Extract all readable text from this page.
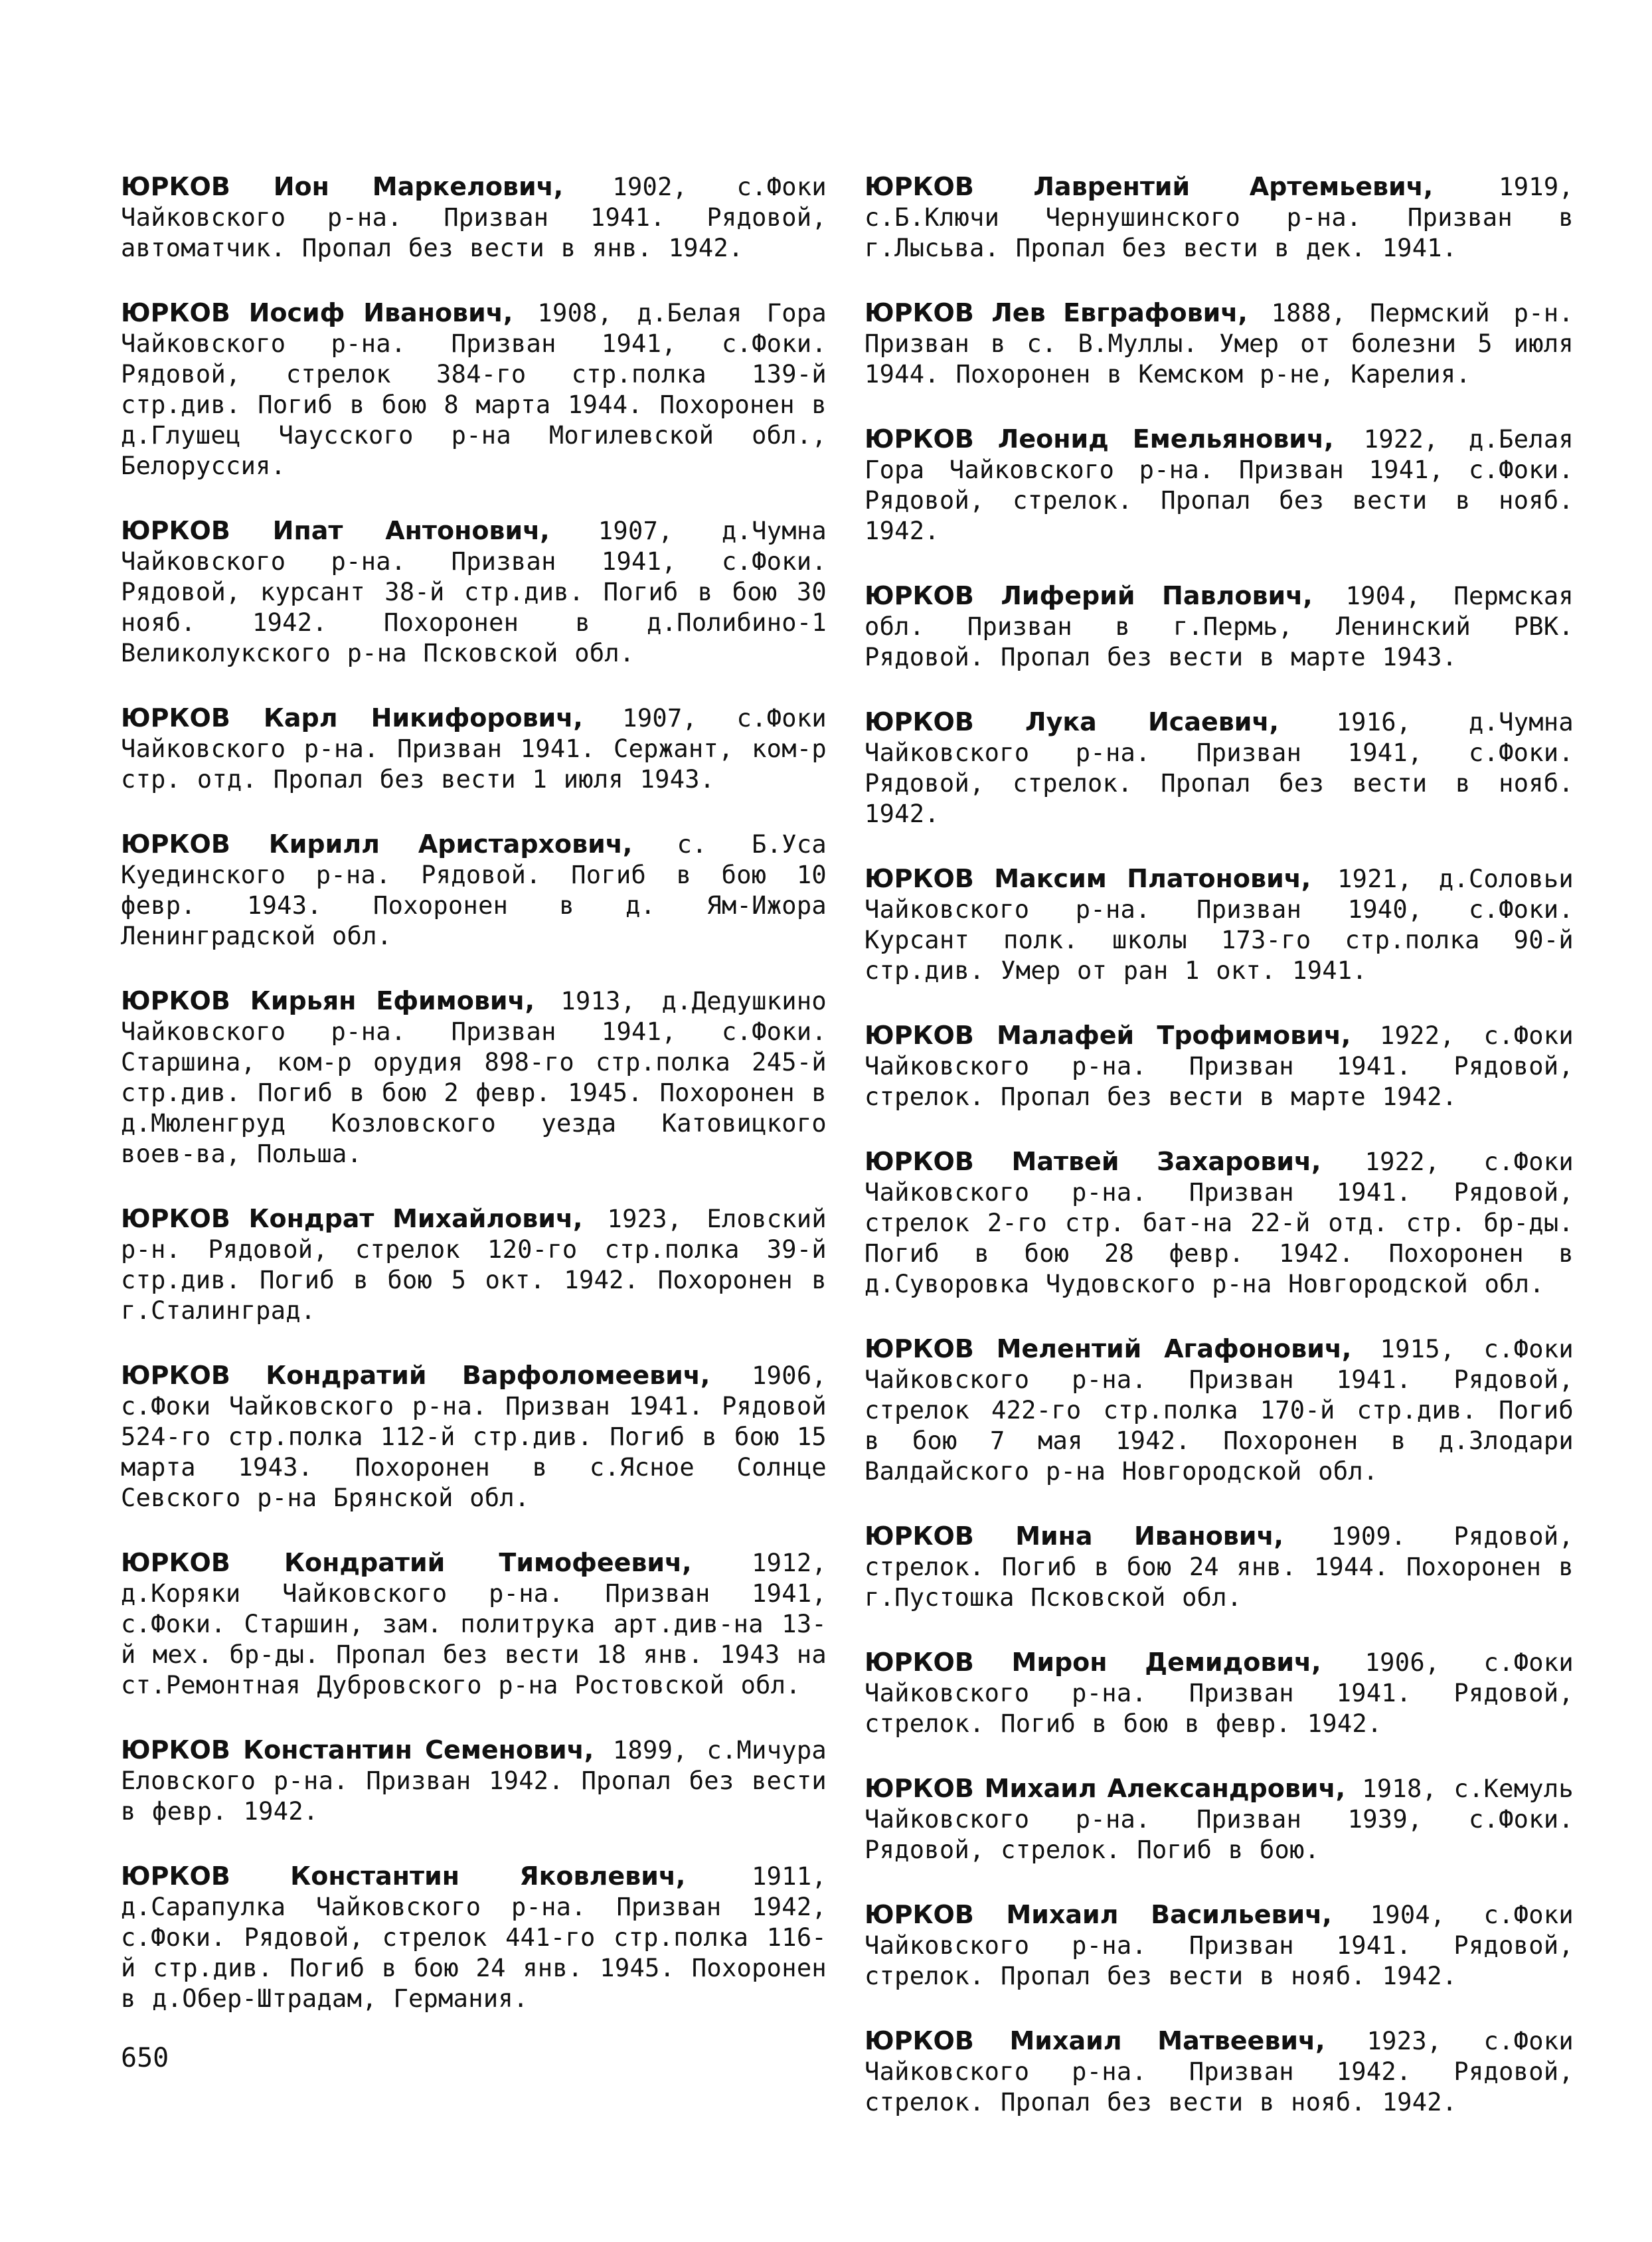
ЮРКОВ Ион Маркелович, 1902, с.Фоки Чайковского р-на. Призван 1941. Рядовой, автоматчик. Пропал без вести в янв. 1942.

ЮРКОВ Иосиф Иванович, 1908, д.Белая Гора Чайковского р-на. Призван 1941, с.Фоки. Рядовой, стрелок 384-го стр.полка 139-й стр.див. Погиб в бою 8 марта 1944. Похоронен в д.Глушец Чаусского р-на Могилевской обл., Белоруссия.

ЮРКОВ Ипат Антонович, 1907, д.Чумна Чайковского р-на. Призван 1941, с.Фоки. Рядовой, курсант 38-й стр.див. Погиб в бою 30 нояб. 1942. Похоронен в д.Полибино-1 Великолукского р-на Псковской обл.

ЮРКОВ Карл Никифорович, 1907, с.Фоки Чайковского р-на. Призван 1941. Сержант, ком-р стр. отд. Пропал без вести 1 июля 1943.

ЮРКОВ Кирилл Аристархович, с. Б.Уса Куединского р-на. Рядовой. Погиб в бою 10 февр. 1943. Похоронен в д. Ям-Ижора Ленинградской обл.

ЮРКОВ Кирьян Ефимович, 1913, д.Дедушкино Чайковского р-на. Призван 1941, с.Фоки. Старшина, ком-р орудия 898-го стр.полка 245-й стр.див. Погиб в бою 2 февр. 1945. Похоронен в д.Мюленгруд Козловского уезда Катовицкого воев-ва, Польша.

ЮРКОВ Кондрат Михайлович, 1923, Еловский р-н. Рядовой, стрелок 120-го стр.полка 39-й стр.див. Погиб в бою 5 окт. 1942. Похоронен в г.Сталинград.

ЮРКОВ Кондратий Варфоломеевич, 1906, с.Фоки Чайковского р-на. Призван 1941. Рядовой 524-го стр.полка 112-й стр.див. Погиб в бою 15 марта 1943. Похоронен в с.Ясное Солнце Севского р-на Брянской обл.

ЮРКОВ Кондратий Тимофеевич, 1912, д.Коряки Чайковского р-на. Призван 1941, с.Фоки. Старшин, зам. политрука арт.див-на 13-й мех. бр-ды. Пропал без вести 18 янв. 1943 на ст.Ремонтная Дубровского р-на Ростовской обл.

ЮРКОВ Константин Семенович, 1899, с.Мичура Еловского р-на. Призван 1942. Пропал без вести в февр. 1942.

ЮРКОВ Константин Яковлевич, 1911, д.Сарапулка Чайковского р-на. Призван 1942, с.Фоки. Рядовой, стрелок 441-го стр.полка 116-й стр.див. Погиб в бою 24 янв. 1945. Похоронен в д.Обер-Штрадам, Германия.

ЮРКОВ Лаврентий Артемьевич, 1919, с.Б.Ключи Чернушинского р-на. Призван в г.Лысьва. Пропал без вести в дек. 1941.

ЮРКОВ Лев Евграфович, 1888, Пермский р-н. Призван в с. В.Муллы. Умер от болезни 5 июля 1944. Похоронен в Кемском р-не, Карелия.

ЮРКОВ Леонид Емельянович, 1922, д.Белая Гора Чайковского р-на. Призван 1941, с.Фоки. Рядовой, стрелок. Пропал без вести в нояб. 1942.

ЮРКОВ Лиферий Павлович, 1904, Пермская обл. Призван в г.Пермь, Ленинский РВК. Рядовой. Пропал без вести в марте 1943.

ЮРКОВ Лука Исаевич, 1916, д.Чумна Чайковского р-на. Призван 1941, с.Фоки. Рядовой, стрелок. Пропал без вести в нояб. 1942.

ЮРКОВ Максим Платонович, 1921, д.Соловьи Чайковского р-на. Призван 1940, с.Фоки. Курсант полк. школы 173-го стр.полка 90-й стр.див. Умер от ран 1 окт. 1941.

ЮРКОВ Малафей Трофимович, 1922, с.Фоки Чайковского р-на. Призван 1941. Рядовой, стрелок. Пропал без вести в марте 1942.

ЮРКОВ Матвей Захарович, 1922, с.Фоки Чайковского р-на. Призван 1941. Рядовой, стрелок 2-го стр. бат-на 22-й отд. стр. бр-ды. Погиб в бою 28 февр. 1942. Похоронен в д.Суворовка Чудовского р-на Новгородской обл.

ЮРКОВ Мелентий Агафонович, 1915, с.Фоки Чайковского р-на. Призван 1941. Рядовой, стрелок 422-го стр.полка 170-й стр.див. Погиб в бою 7 мая 1942. Похоронен в д.Злодари Валдайского р-на Новгородской обл.

ЮРКОВ Мина Иванович, 1909. Рядовой, стрелок. Погиб в бою 24 янв. 1944. Похоронен в г.Пустошка Псковской обл.

ЮРКОВ Мирон Демидович, 1906, с.Фоки Чайковского р-на. Призван 1941. Рядовой, стрелок. Погиб в бою в февр. 1942.

ЮРКОВ Михаил Александрович, 1918, с.Кемуль Чайковского р-на. Призван 1939, с.Фоки. Рядовой, стрелок. Погиб в бою.

ЮРКОВ Михаил Васильевич, 1904, с.Фоки Чайковского р-на. Призван 1941. Рядовой, стрелок. Пропал без вести в нояб. 1942.

ЮРКОВ Михаил Матвеевич, 1923, с.Фоки Чайковского р-на. Призван 1942. Рядовой, стрелок. Пропал без вести в нояб. 1942.

650
